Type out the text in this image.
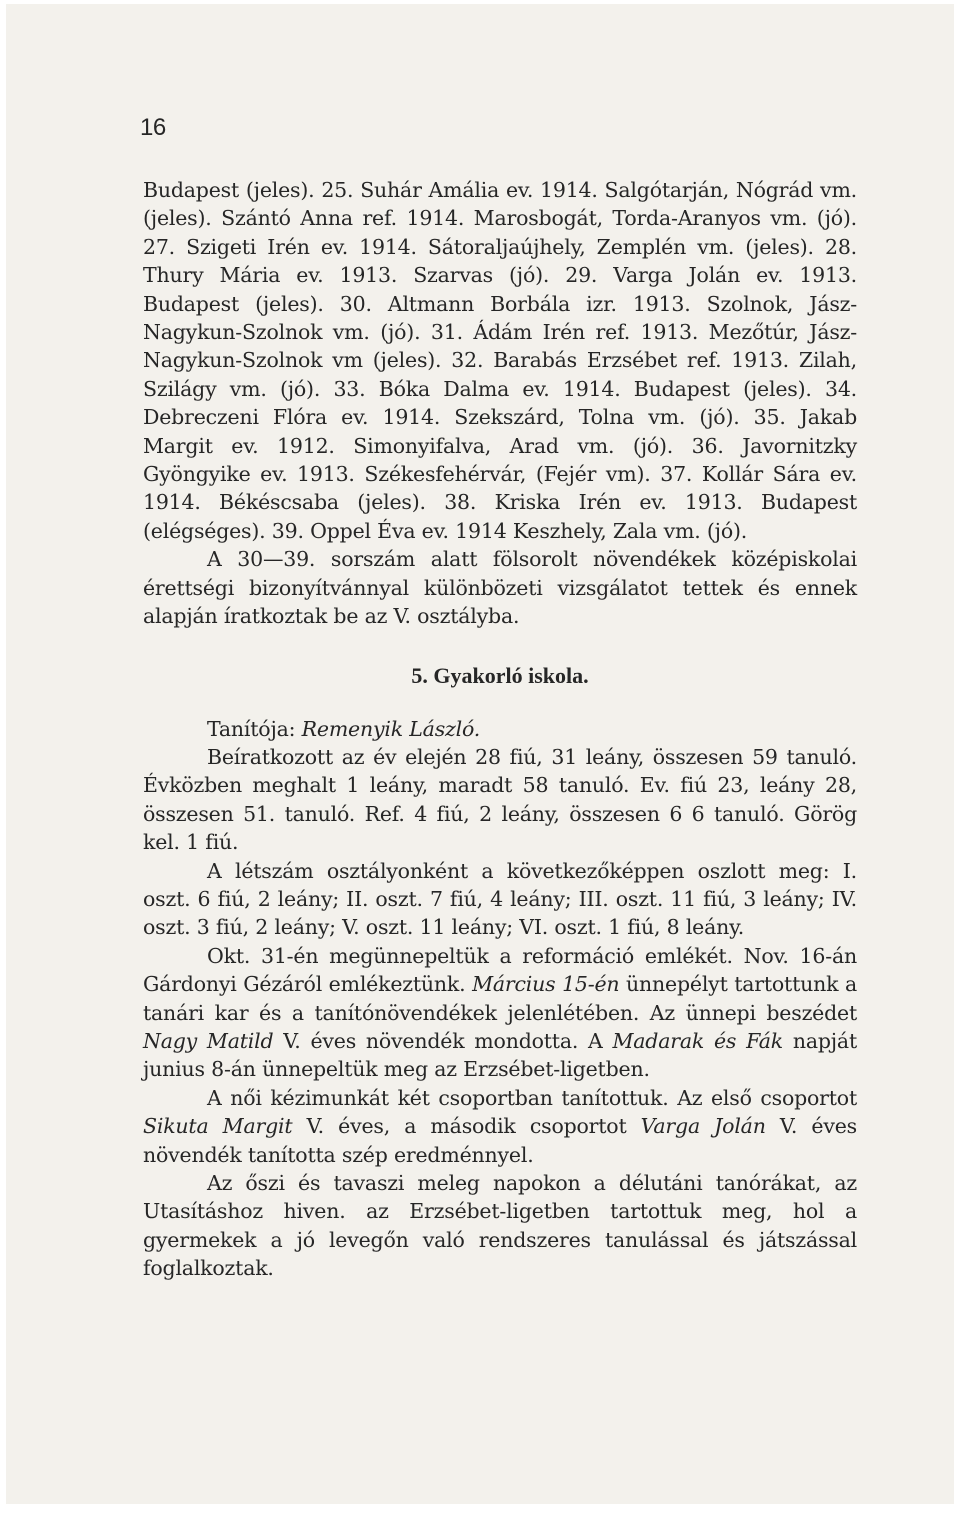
16

Budapest (jeles). 25. Suhár Amália ev. 1914. Salgótarján, Nógrád vm. (jeles). Szántó Anna ref. 1914. Marosbogát, Torda-Aranyos vm. (jó). 27. Szigeti Irén ev. 1914. Sátoraljaújhely, Zemplén vm. (jeles). 28. Thury Mária ev. 1913. Szarvas (jó). 29. Varga Jolán ev. 1913. Budapest (jeles). 30. Altmann Borbála izr. 1913. Szolnok, Jász-Nagykun-Szolnok vm. (jó). 31. Ádám Irén ref. 1913. Mezőtúr, Jász-Nagykun-Szolnok vm (jeles). 32. Barabás Erzsébet ref. 1913. Zilah, Szilágy vm. (jó). 33. Bóka Dalma ev. 1914. Budapest (jeles). 34. Debreczeni Flóra ev. 1914. Szekszárd, Tolna vm. (jó). 35. Jakab Margit ev. 1912. Simonyifalva, Arad vm. (jó). 36. Javornitzky Gyöngyike ev. 1913. Székesfehérvár, (Fejér vm). 37. Kollár Sára ev. 1914. Békéscsaba (jeles). 38. Kriska Irén ev. 1913. Budapest (elégséges). 39. Oppel Éva ev. 1914 Keszhely, Zala vm. (jó).

A 30—39. sorszám alatt fölsorolt növendékek középiskolai érettségi bizonyítvánnyal különbözeti vizsgálatot tettek és ennek alapján íratkoztak be az V. osztályba.

5. Gyakorló iskola.

Tanítója: Remenyik László.

Beíratkozott az év elején 28 fiú, 31 leány, összesen 59 tanuló. Évközben meghalt 1 leány, maradt 58 tanuló. Ev. fiú 23, leány 28, összesen 51. tanuló. Ref. 4 fiú, 2 leány, összesen 6 6 tanuló. Görög kel. 1 fiú.

A létszám osztályonként a következőképpen oszlott meg: I. oszt. 6 fiú, 2 leány; II. oszt. 7 fiú, 4 leány; III. oszt. 11 fiú, 3 leány; IV. oszt. 3 fiú, 2 leány; V. oszt. 11 leány; VI. oszt. 1 fiú, 8 leány.

Okt. 31-én megünnepeltük a reformáció emlékét. Nov. 16-án Gárdonyi Gézáról emlékeztünk. Március 15-én ünnepélyt tartottunk a tanári kar és a tanítónövendékek jelenlétében. Az ünnepi beszédet Nagy Matild V. éves növendék mondotta. A Madarak és Fák napját junius 8-án ünnepeltük meg az Erzsébet-ligetben.

A női kézimunkát két csoportban tanítottuk. Az első csoportot Sikuta Margit V. éves, a második csoportot Varga Jolán V. éves növendék tanította szép eredménnyel.

Az őszi és tavaszi meleg napokon a délutáni tanórákat, az Utasításhoz hiven. az Erzsébet-ligetben tartottuk meg, hol a gyermekek a jó levegőn való rendszeres tanulással és játszással foglalkoztak.
